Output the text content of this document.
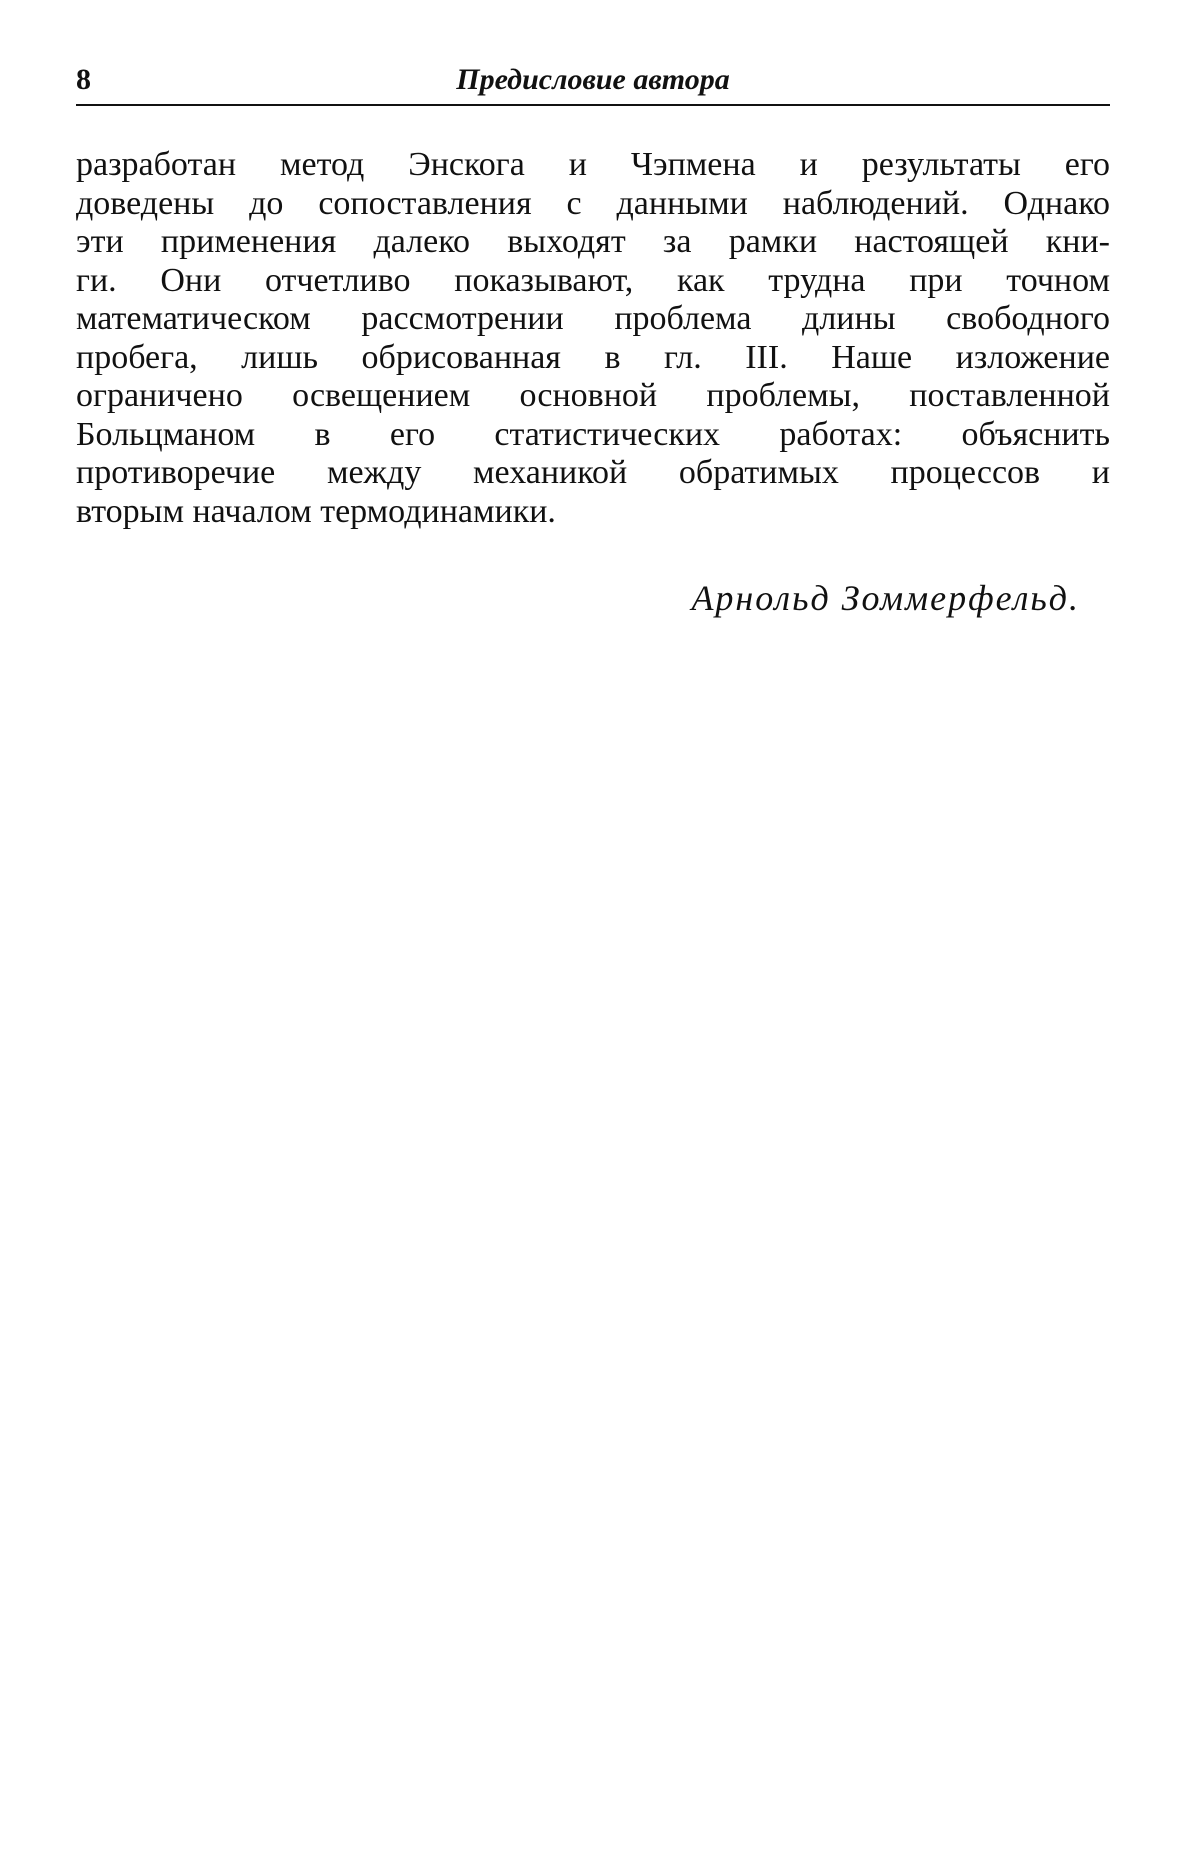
8	Предисловие автора
разработан метод Энскога и Чэпмена и результаты его
доведены до сопоставления с данными наблюдений. Однако
эти применения далеко выходят за рамки настоящей кни-
ги. Они отчетливо показывают, как трудна при точном
математическом рассмотрении проблема длины свободного
пробега, лишь обрисованная в гл. III. Наше изложение
ограничено освещением основной проблемы, поставленной
Больцманом в его статистических работах: объяснить
противоречие между механикой обратимых процессов и
вторым началом термодинамики.
Арнольд Зоммерфельд.
